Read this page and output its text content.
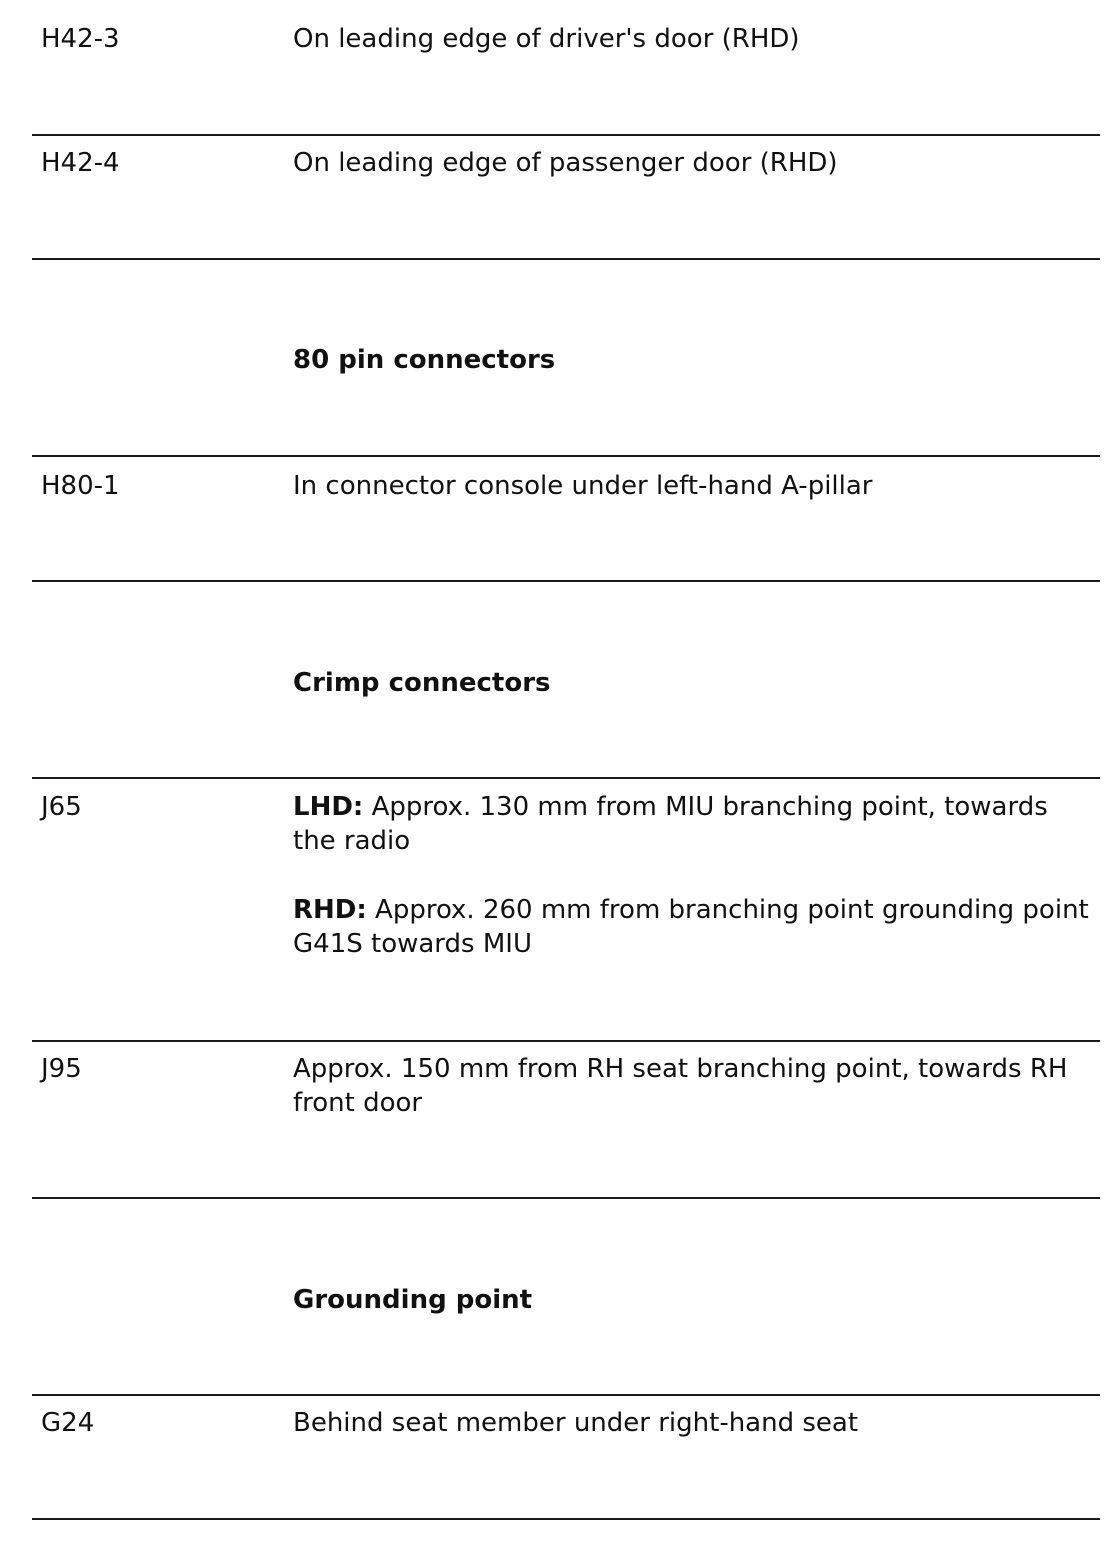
H42-3	On leading edge of driver's door (RHD)
H42-4	On leading edge of passenger door (RHD)
80 pin connectors
H80-1	In connector console under left-hand A-pillar
Crimp connectors
J65	LHD: Approx. 130 mm from MIU branching point, towards the radio

RHD: Approx. 260 mm from branching point grounding point G41S towards MIU

J95	Approx. 150 mm from RH seat branching point, towards RH front door
Grounding point
G24	Behind seat member under right-hand seat
